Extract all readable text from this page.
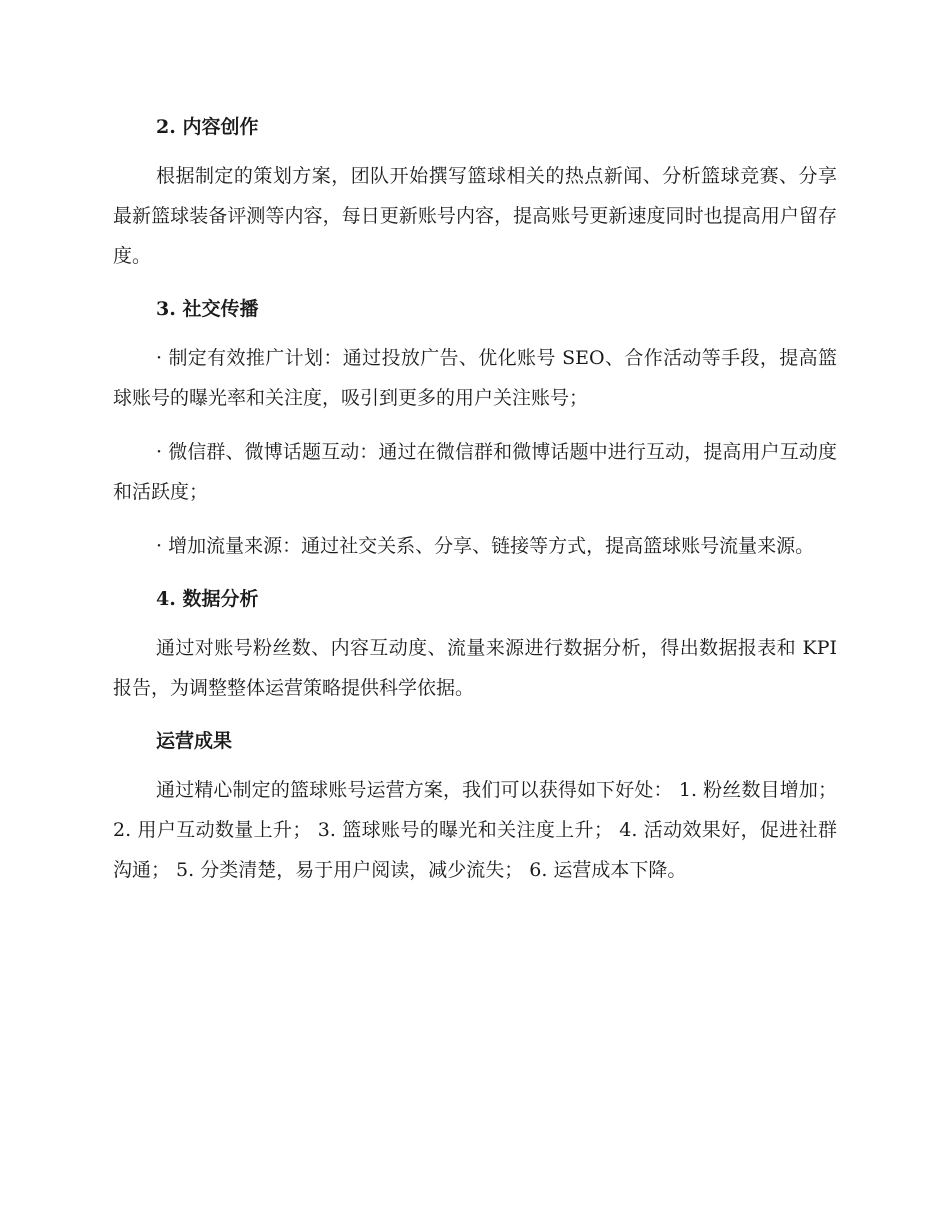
2. 内容创作

根据制定的策划方案，团队开始撰写篮球相关的热点新闻、分析篮球竞赛、分享最新篮球装备评测等内容，每日更新账号内容，提高账号更新速度同时也提高用户留存度。

3. 社交传播

· 制定有效推广计划：通过投放广告、优化账号 SEO、合作活动等手段，提高篮球账号的曝光率和关注度，吸引到更多的用户关注账号；

· 微信群、微博话题互动：通过在微信群和微博话题中进行互动，提高用户互动度和活跃度；

· 增加流量来源：通过社交关系、分享、链接等方式，提高篮球账号流量来源。

4. 数据分析

通过对账号粉丝数、内容互动度、流量来源进行数据分析，得出数据报表和 KPI 报告，为调整整体运营策略提供科学依据。

运营成果

通过精心制定的篮球账号运营方案，我们可以获得如下好处： 1. 粉丝数目增加； 2. 用户互动数量上升； 3. 篮球账号的曝光和关注度上升； 4. 活动效果好，促进社群沟通； 5. 分类清楚，易于用户阅读，减少流失； 6. 运营成本下降。
